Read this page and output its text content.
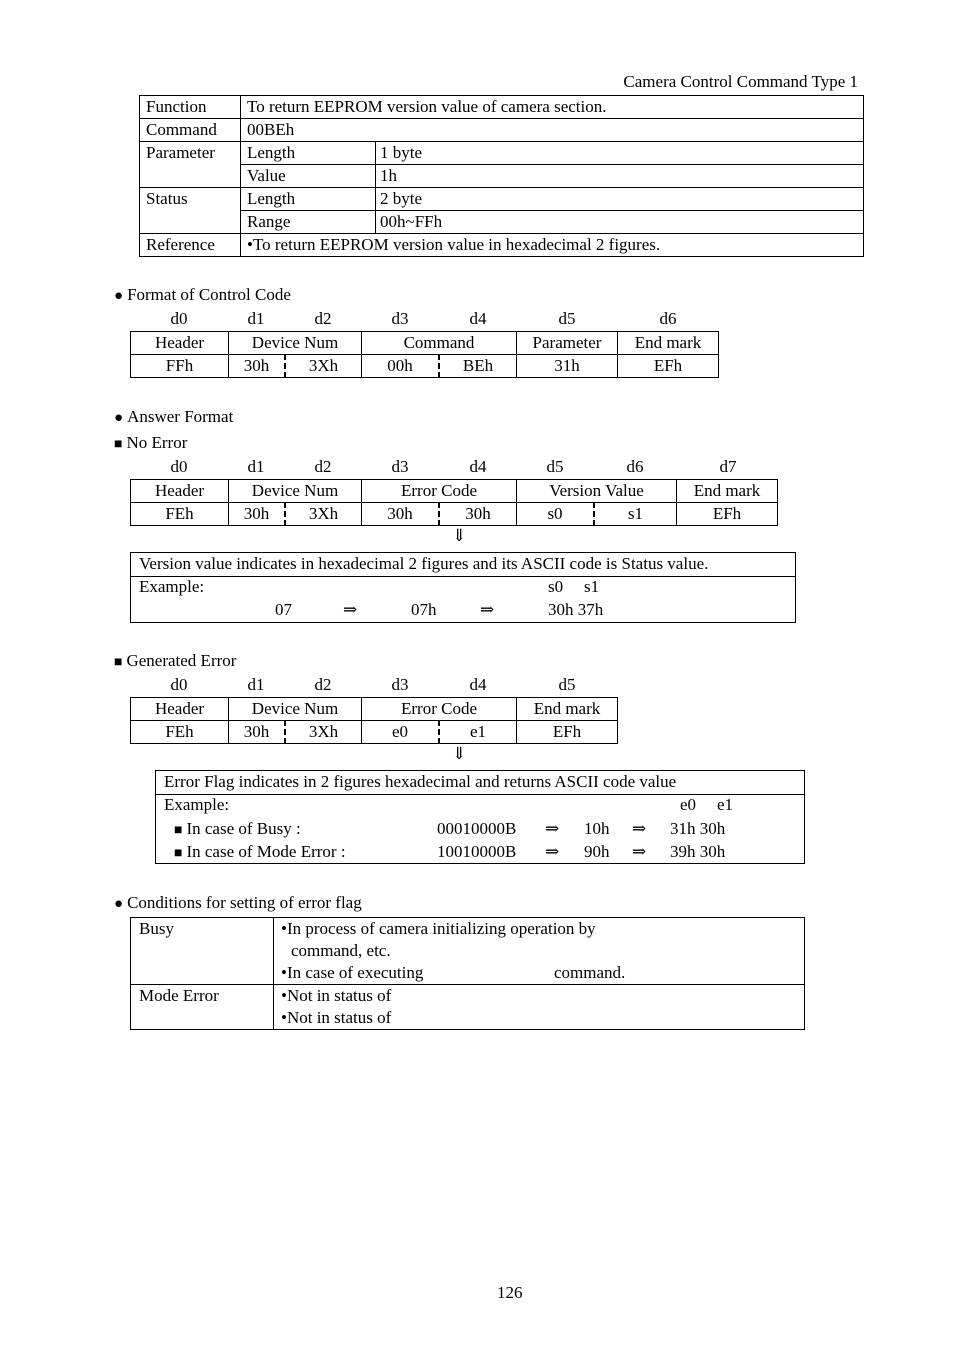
Camera Control Command Type 1
Function	To return EEPROM version value of camera section.	
Command	00BEh	
Parameter	Length	1 byte
	Value	1h
Status	Length	2 byte
	Range	00h~FFh
Reference	•To return EEPROM version value in hexadecimal 2 figures.	
● Format of Control Code
d0	d1	d2	d3	d4	d5	d6
Header	Device Num		Command		Parameter	End mark
FFh	30h	3Xh	00h	BEh	31h	EFh
● Answer Format
■ No Error
d0	d1	d2	d3	d4	d5	d6	d7
Header	Device Num		Error Code		Version Value		End mark
FEh	30h	3Xh	30h	30h	s0	s1	EFh
⇓
Version value indicates in hexadecimal 2 figures and its ASCII code is Status value.
Example:	s0 s1
07	⇒	07h	⇒	30h 37h
■ Generated Error
d0	d1	d2	d3	d4	d5
Header	Device Num		Error Code		End mark
FEh	30h	3Xh	e0	e1	EFh
⇓
Error Flag indicates in 2 figures hexadecimal and returns ASCII code value
Example:	e0 e1
■ In case of Busy :	00010000B ⇒ 10h ⇒ 31h 30h
■ In case of Mode Error :	10010000B ⇒ 90h ⇒ 39h 30h
● Conditions for setting of error flag
Busy	•In process of camera initializing operation by
command, etc.
•In case of executing	command.
Mode Error	•Not in status of
•Not in status of
126
